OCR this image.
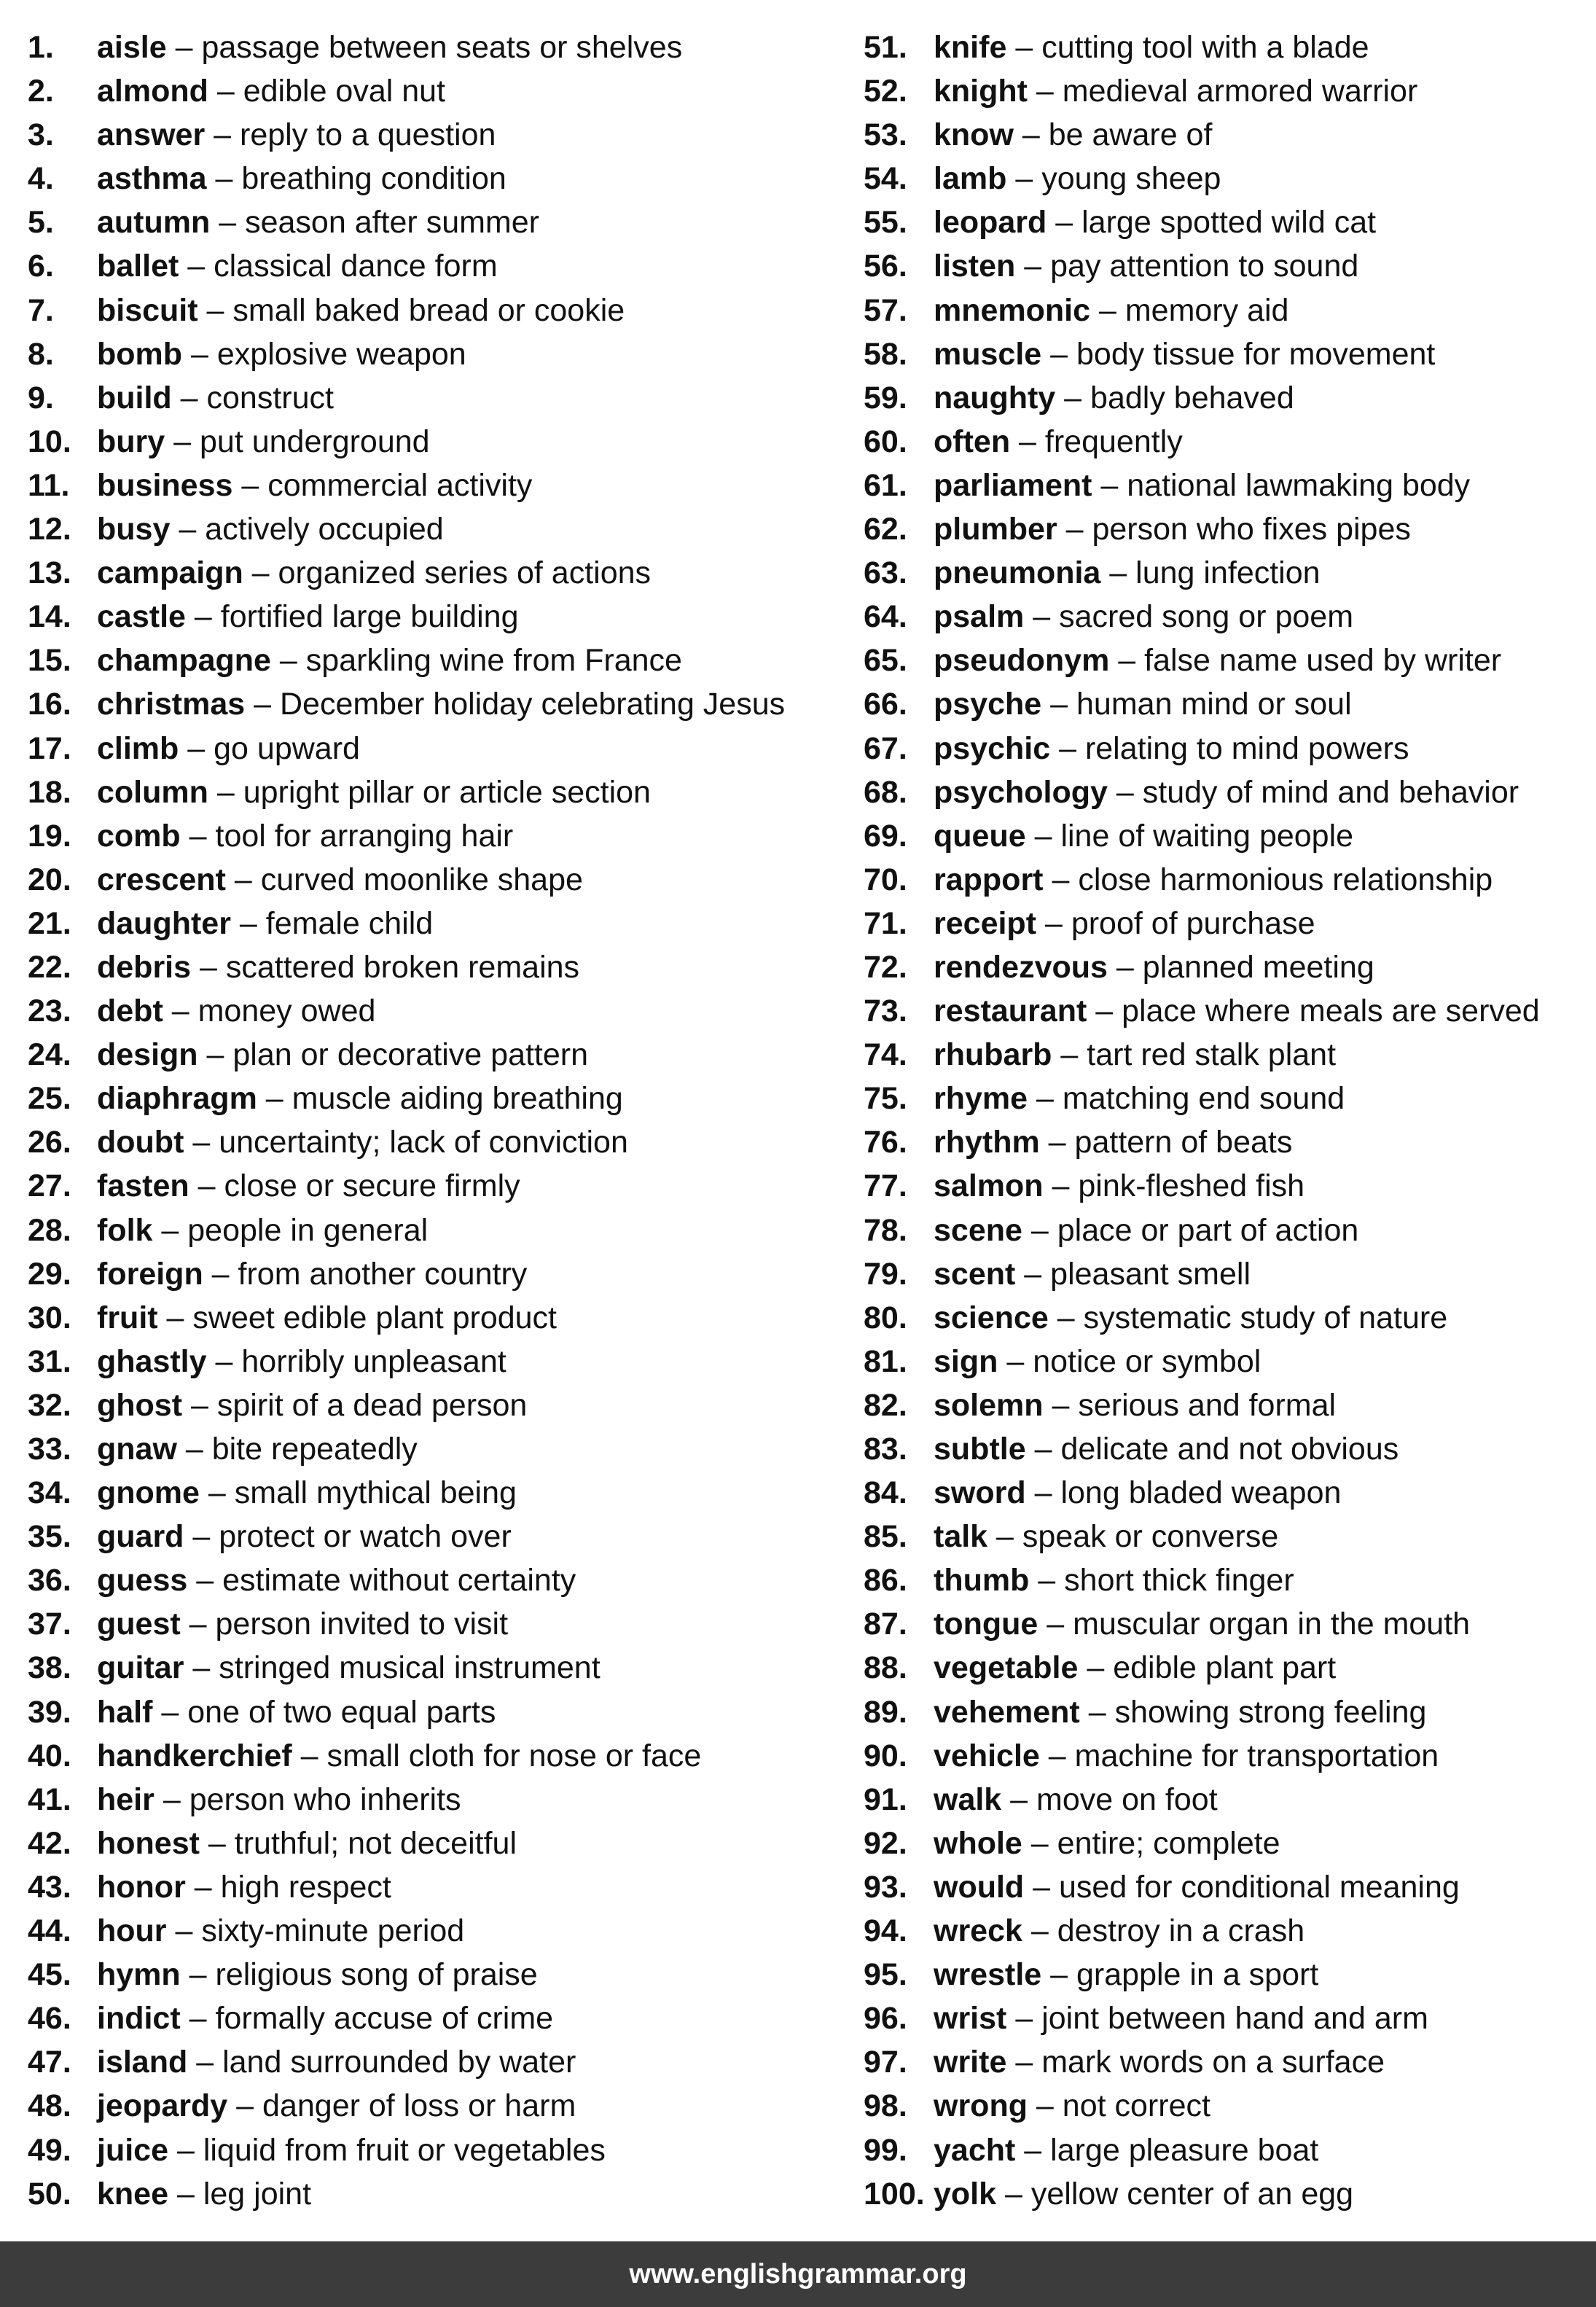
1.	aisle – passage between seats or shelves
2.	almond – edible oval nut
3.	answer – reply to a question
4.	asthma – breathing condition
5.	autumn – season after summer
6.	ballet – classical dance form
7.	biscuit – small baked bread or cookie
8.	bomb – explosive weapon
9.	build – construct
10. bury – put underground
11. business – commercial activity
12. busy – actively occupied
13. campaign – organized series of actions
14. castle – fortified large building
15. champagne – sparkling wine from France
16. christmas – December holiday celebrating Jesus
17. climb – go upward
18. column – upright pillar or article section
19. comb – tool for arranging hair
20. crescent – curved moonlike shape
21. daughter – female child
22. debris – scattered broken remains
23. debt – money owed
24. design – plan or decorative pattern
25. diaphragm – muscle aiding breathing
26. doubt – uncertainty; lack of conviction
27. fasten – close or secure firmly
28. folk – people in general
29. foreign – from another country
30. fruit – sweet edible plant product
31. ghastly – horribly unpleasant
32. ghost – spirit of a dead person
33. gnaw – bite repeatedly
34. gnome – small mythical being
35. guard – protect or watch over
36. guess – estimate without certainty
37. guest – person invited to visit
38. guitar – stringed musical instrument
39. half – one of two equal parts
40. handkerchief – small cloth for nose or face
41. heir – person who inherits
42. honest – truthful; not deceitful
43. honor – high respect
44. hour – sixty-minute period
45. hymn – religious song of praise
46. indict – formally accuse of crime
47. island – land surrounded by water
48. jeopardy – danger of loss or harm
49. juice – liquid from fruit or vegetables
50. knee – leg joint
51. knife – cutting tool with a blade
52. knight – medieval armored warrior
53. know – be aware of
54. lamb – young sheep
55. leopard – large spotted wild cat
56. listen – pay attention to sound
57. mnemonic – memory aid
58. muscle – body tissue for movement
59. naughty – badly behaved
60. often – frequently
61. parliament – national lawmaking body
62. plumber – person who fixes pipes
63. pneumonia – lung infection
64. psalm – sacred song or poem
65. pseudonym – false name used by writer
66. psyche – human mind or soul
67. psychic – relating to mind powers
68. psychology – study of mind and behavior
69. queue – line of waiting people
70. rapport – close harmonious relationship
71. receipt – proof of purchase
72. rendezvous – planned meeting
73. restaurant – place where meals are served
74. rhubarb – tart red stalk plant
75. rhyme – matching end sound
76. rhythm – pattern of beats
77. salmon – pink-fleshed fish
78. scene – place or part of action
79. scent – pleasant smell
80. science – systematic study of nature
81. sign – notice or symbol
82. solemn – serious and formal
83. subtle – delicate and not obvious
84. sword – long bladed weapon
85. talk – speak or converse
86. thumb – short thick finger
87. tongue – muscular organ in the mouth
88. vegetable – edible plant part
89. vehement – showing strong feeling
90. vehicle – machine for transportation
91. walk – move on foot
92. whole – entire; complete
93. would – used for conditional meaning
94. wreck – destroy in a crash
95. wrestle – grapple in a sport
96. wrist – joint between hand and arm
97. write – mark words on a surface
98. wrong – not correct
99. yacht – large pleasure boat
100. yolk – yellow center of an egg
www.englishgrammar.org
